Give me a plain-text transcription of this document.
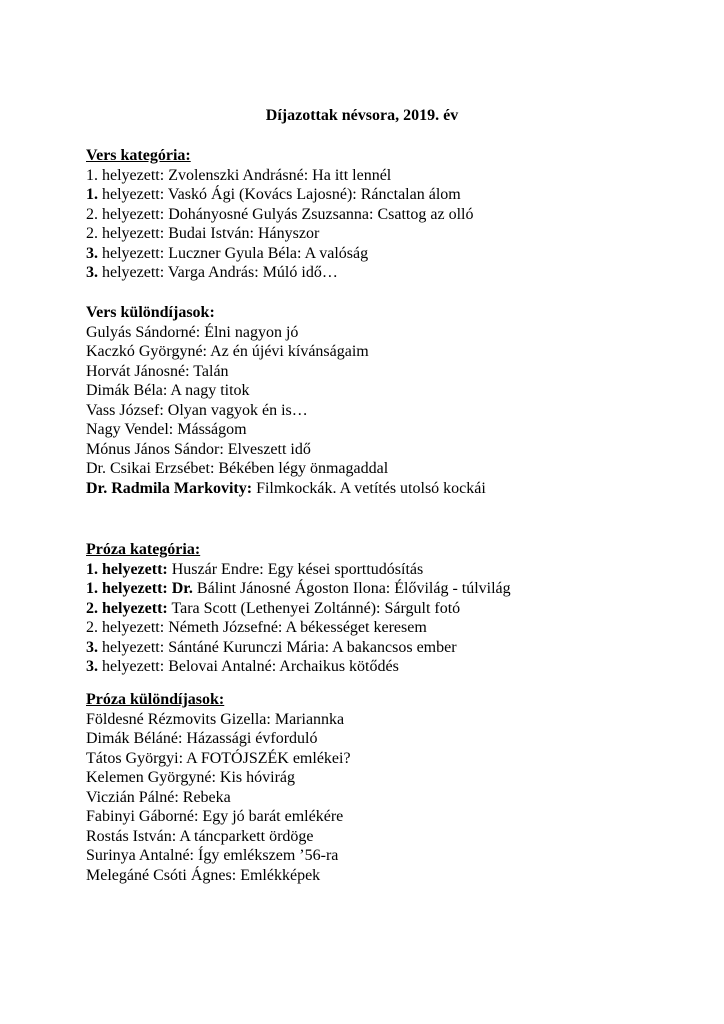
Díjazottak névsora, 2019. év
Vers kategória:
1. helyezett: Zvolenszki Andrásné: Ha itt lennél
1. helyezett: Vaskó Ági (Kovács Lajosné): Ránctalan álom
2. helyezett: Dohányosné Gulyás Zsuzsanna: Csattog az olló
2. helyezett: Budai István: Hányszor
3. helyezett: Luczner Gyula Béla: A valóság
3. helyezett: Varga András: Múló idő…
Vers különdíjasok:
Gulyás Sándorné: Élni nagyon jó
Kaczkó Györgyné: Az én újévi kívánságaim
Horvát Jánosné: Talán
Dimák Béla: A nagy titok
Vass József: Olyan vagyok én is…
Nagy Vendel: Másságom
Mónus János Sándor: Elveszett idő
Dr. Csikai Erzsébet: Békében légy önmagaddal
Dr. Radmila Markovity: Filmkockák. A vetítés utolsó kockái
Próza kategória:
1. helyezett: Huszár Endre: Egy kései sporttudósítás
1. helyezett: Dr. Bálint Jánosné Ágoston Ilona: Élővilág - túlvilág
2. helyezett: Tara Scott (Lethenyei Zoltánné): Sárgult fotó
2. helyezett: Németh Józsefné: A békességet keresem
3. helyezett: Sántáné Kurunczi Mária: A bakancsos ember
3. helyezett: Belovai Antalné: Archaikus kötődés
Próza különdíjasok:
Földesné Rézmovits Gizella: Mariannka
Dimák Béláné: Házassági évforduló
Tátos Györgyi: A FOTÓJSZÉK emlékei?
Kelemen Györgyné: Kis hóvirág
Viczián Pálné: Rebeka
Fabinyi Gáborné: Egy jó barát emlékére
Rostás István: A táncparkett ördöge
Surinya Antalné: Így emlékszem ’56-ra
Melegáné Csóti Ágnes: Emlékképek
